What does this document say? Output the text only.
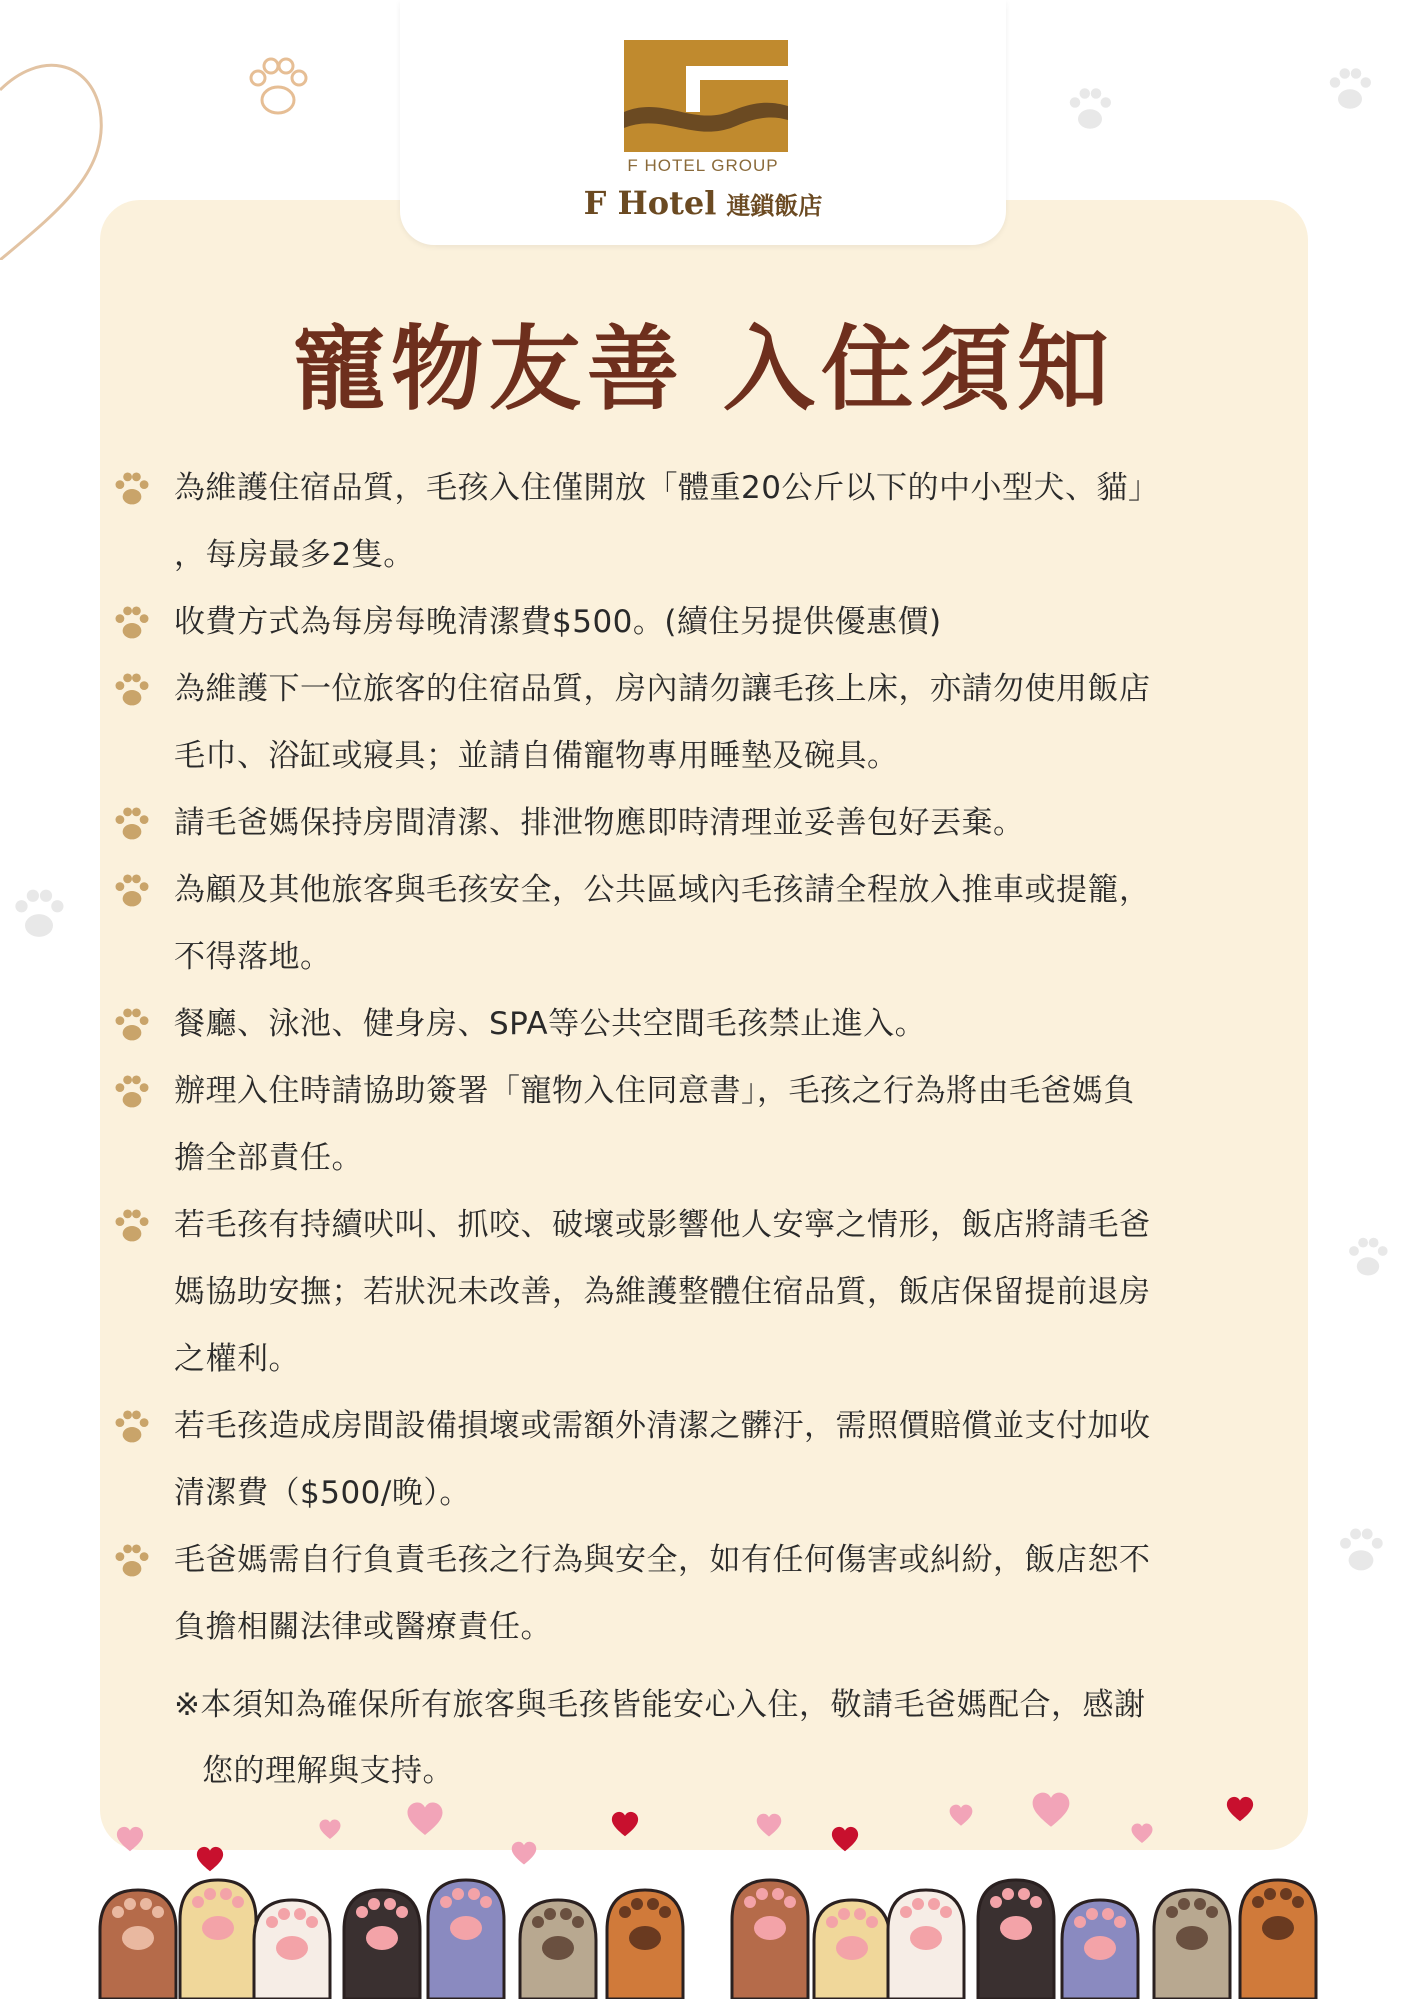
F HOTEL GROUP
F Hotel 連鎖飯店
寵物友善 入住須知
為維護住宿品質，毛孩入住僅開放「體重20公斤以下的中小型犬、貓」
，每房最多2隻。
收費方式為每房每晚清潔費$500。(續住另提供優惠價)
為維護下一位旅客的住宿品質，房內請勿讓毛孩上床，亦請勿使用飯店
毛巾、浴缸或寢具；並請自備寵物專用睡墊及碗具。
請毛爸媽保持房間清潔、排泄物應即時清理並妥善包好丟棄。
為顧及其他旅客與毛孩安全，公共區域內毛孩請全程放入推車或提籠，
不得落地。
餐廳、泳池、健身房、SPA等公共空間毛孩禁止進入。
辦理入住時請協助簽署「寵物入住同意書」，毛孩之行為將由毛爸媽負
擔全部責任。
若毛孩有持續吠叫、抓咬、破壞或影響他人安寧之情形，飯店將請毛爸
媽協助安撫；若狀況未改善，為維護整體住宿品質，飯店保留提前退房
之權利。
若毛孩造成房間設備損壞或需額外清潔之髒汙，需照價賠償並支付加收
清潔費（$500/晚）。
毛爸媽需自行負責毛孩之行為與安全，如有任何傷害或糾紛，飯店恕不
負擔相關法律或醫療責任。
※本須知為確保所有旅客與毛孩皆能安心入住，敬請毛爸媽配合，感謝
您的理解與支持。
